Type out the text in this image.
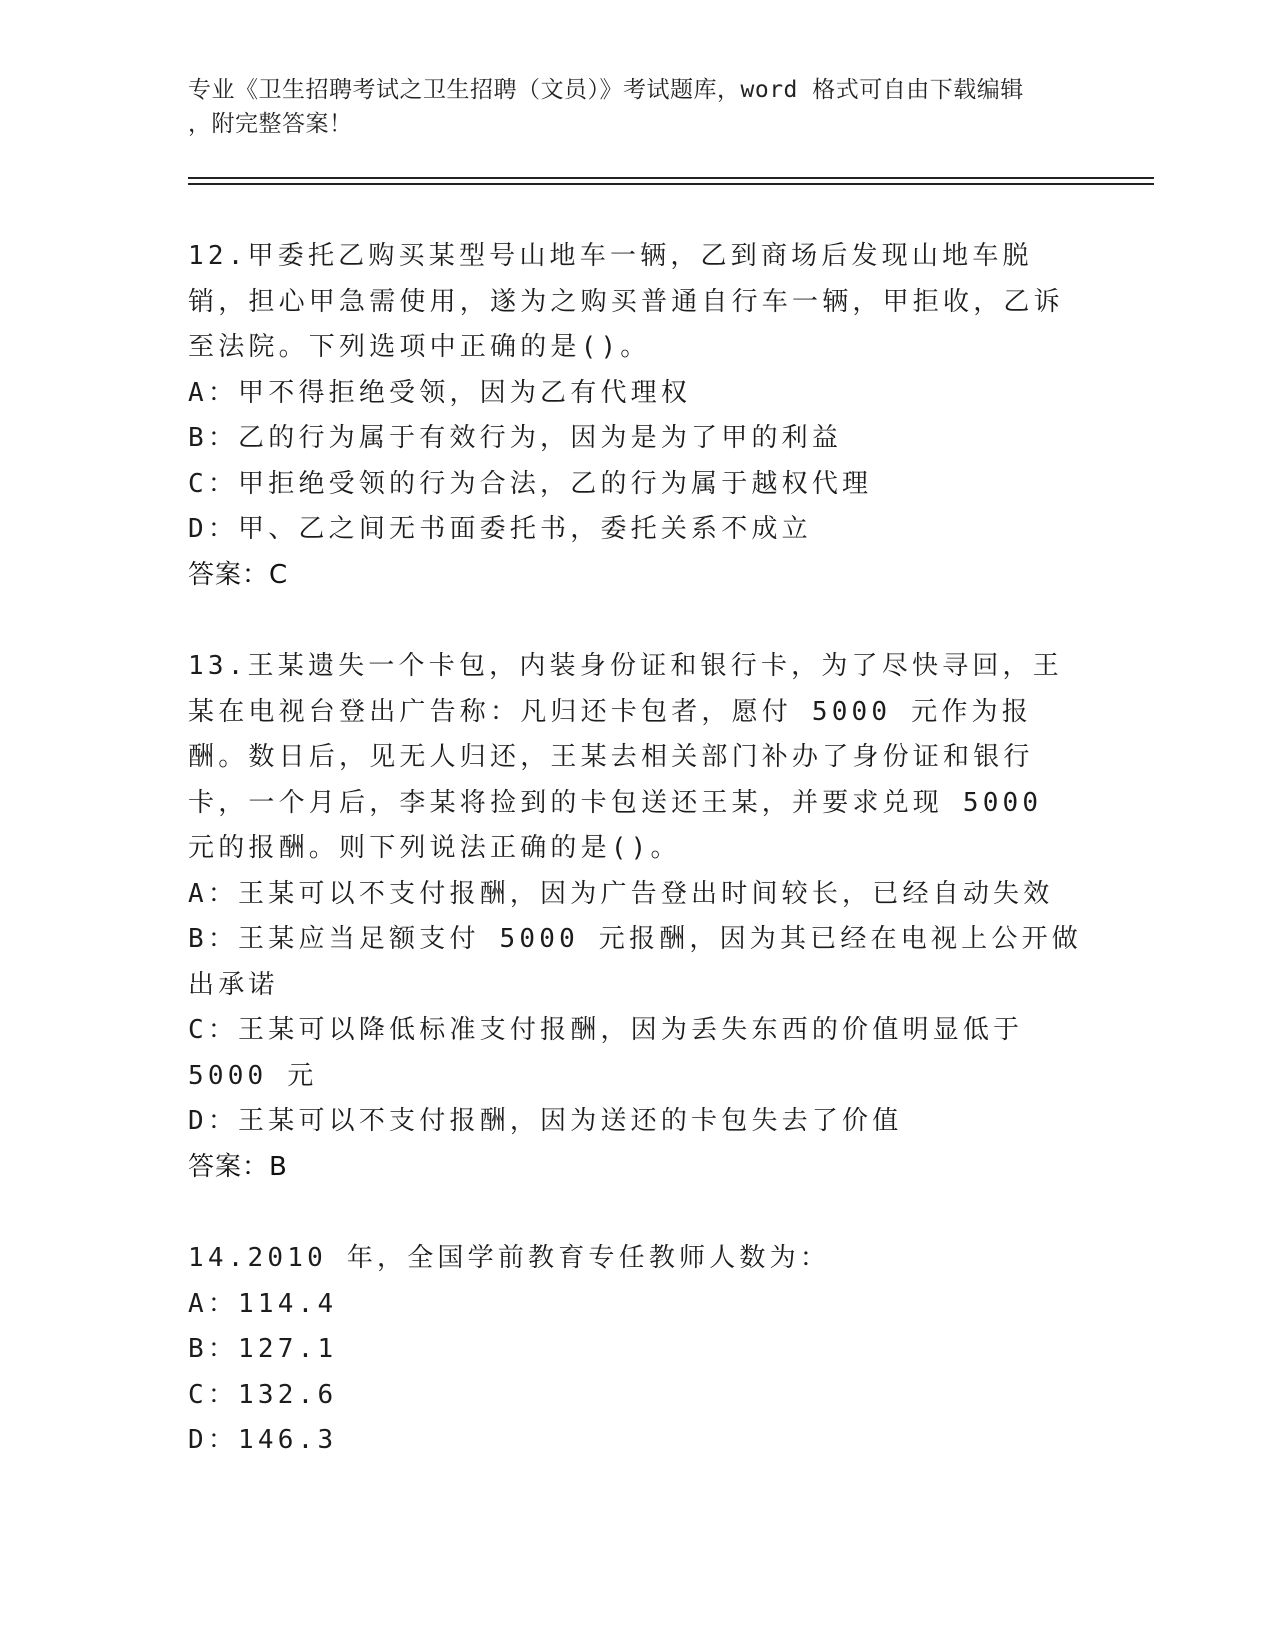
专业《卫生招聘考试之卫生招聘（文员）》考试题库，word 格式可自由下载编辑
，附完整答案！

12.甲委托乙购买某型号山地车一辆，乙到商场后发现山地车脱销，担心甲急需使用，遂为之购买普通自行车一辆，甲拒收，乙诉至法院。下列选项中正确的是()。

A：甲不得拒绝受领，因为乙有代理权

B：乙的行为属于有效行为，因为是为了甲的利益

C：甲拒绝受领的行为合法，乙的行为属于越权代理

D：甲、乙之间无书面委托书，委托关系不成立

答案：C

13.王某遗失一个卡包，内装身份证和银行卡，为了尽快寻回，王某在电视台登出广告称：凡归还卡包者，愿付 5000 元作为报酬。数日后，见无人归还，王某去相关部门补办了身份证和银行卡，一个月后，李某将捡到的卡包送还王某，并要求兑现 5000 元的报酬。则下列说法正确的是()。

A：王某可以不支付报酬，因为广告登出时间较长，已经自动失效

B：王某应当足额支付 5000 元报酬，因为其已经在电视上公开做出承诺

C：王某可以降低标准支付报酬，因为丢失东西的价值明显低于 5000 元

D：王某可以不支付报酬，因为送还的卡包失去了价值

答案：B

14.2010 年，全国学前教育专任教师人数为：

A：114.4

B：127.1

C：132.6

D：146.3
